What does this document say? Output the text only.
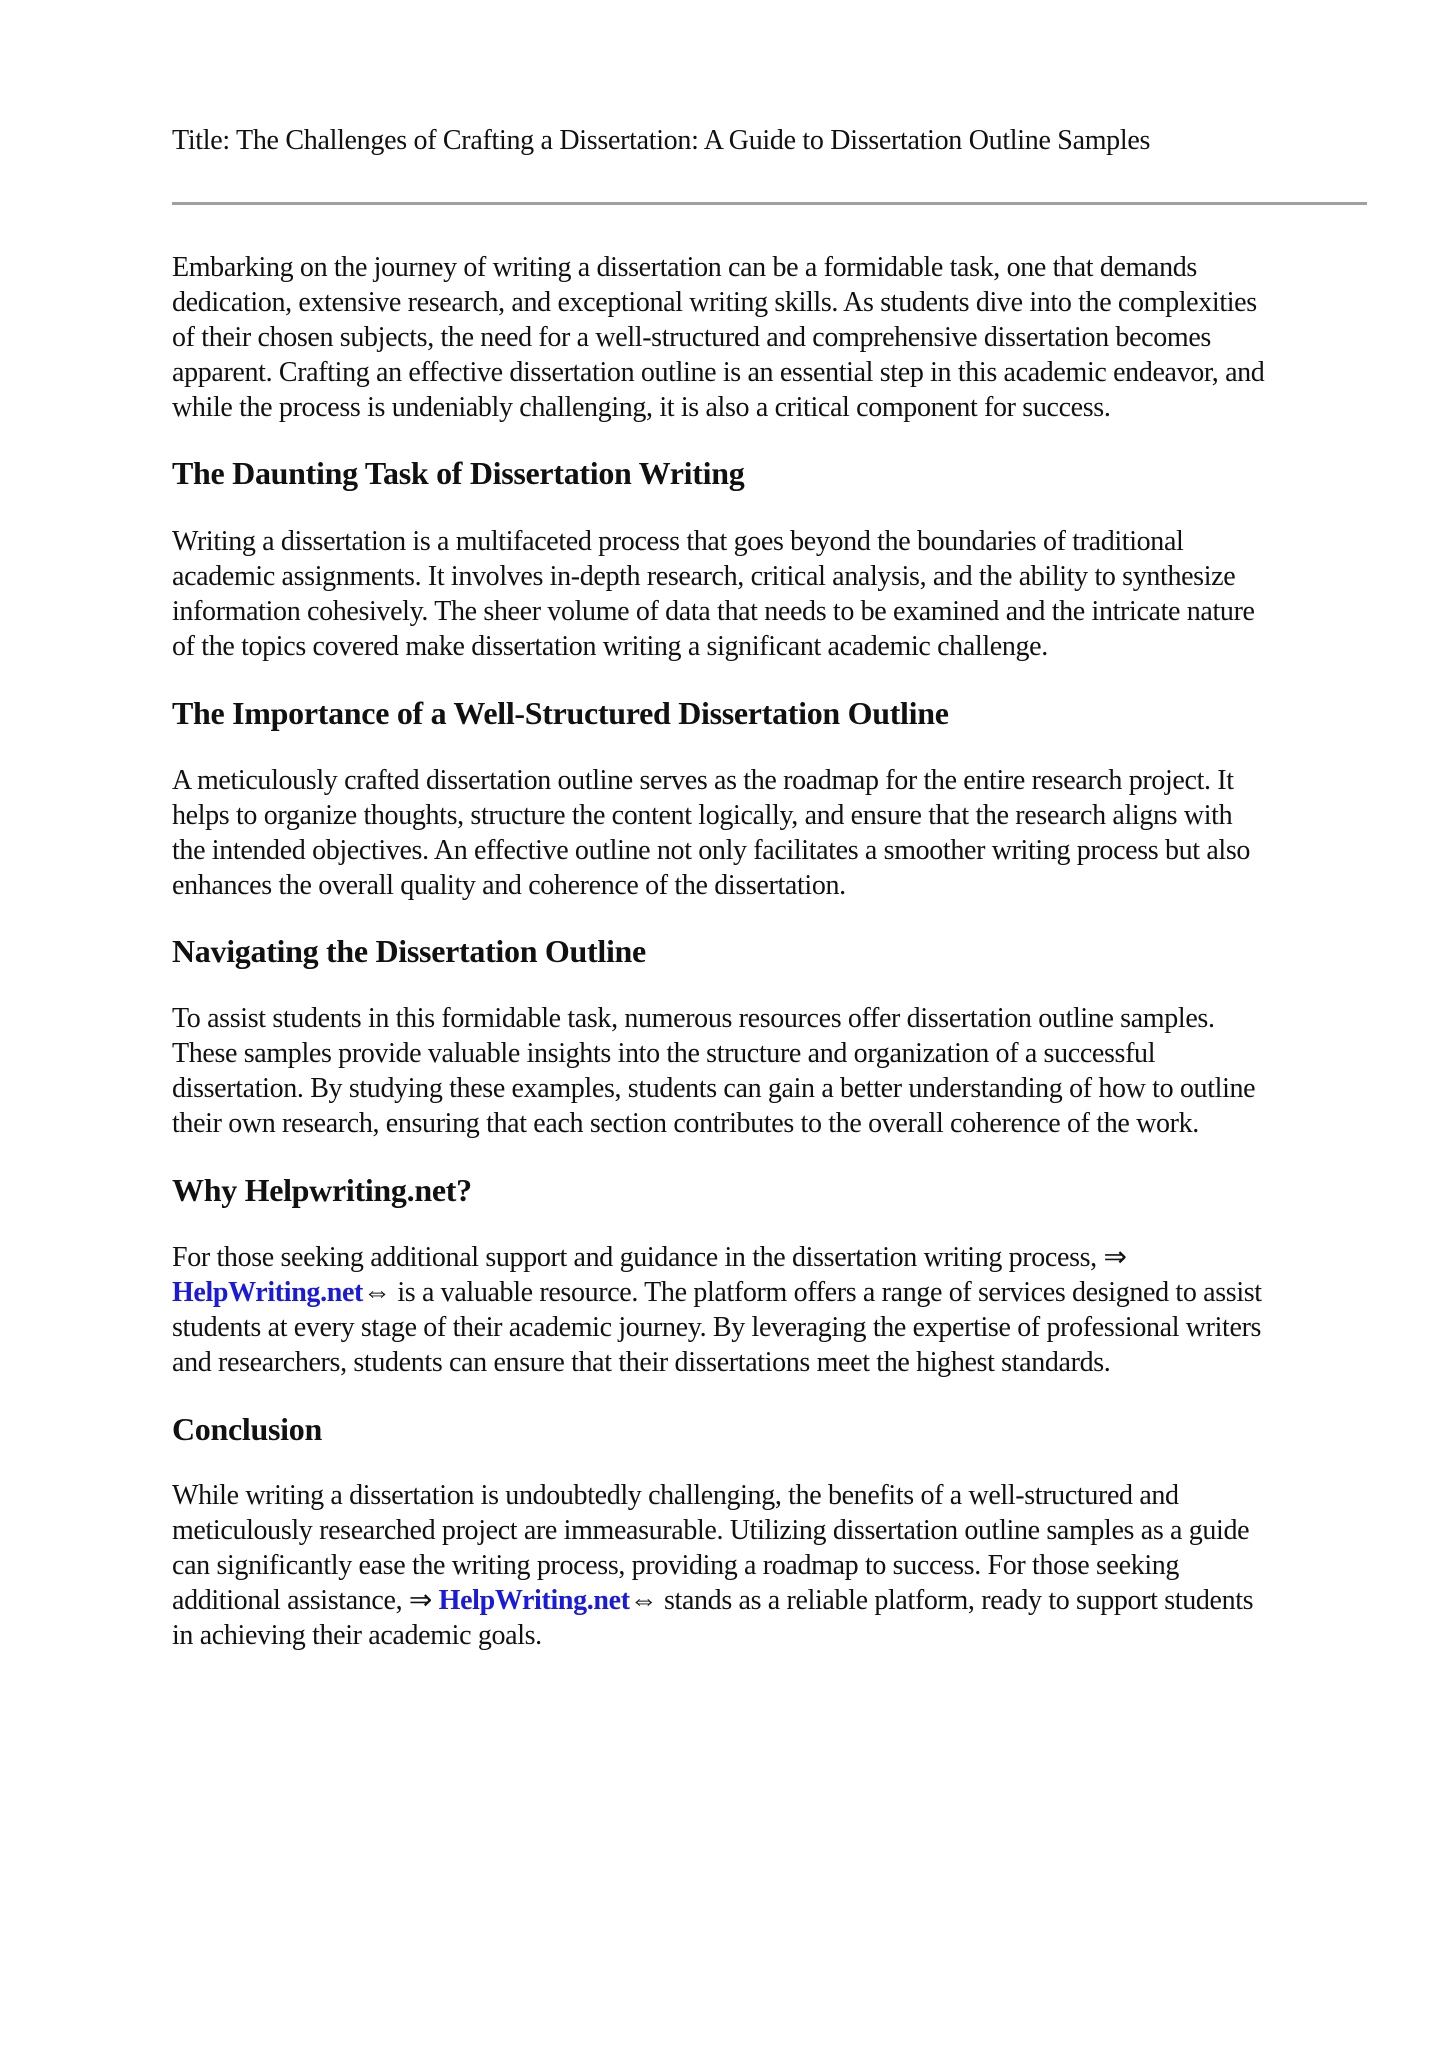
Title: The Challenges of Crafting a Dissertation: A Guide to Dissertation Outline Samples
Embarking on the journey of writing a dissertation can be a formidable task, one that demands
dedication, extensive research, and exceptional writing skills. As students dive into the complexities
of their chosen subjects, the need for a well-structured and comprehensive dissertation becomes
apparent. Crafting an effective dissertation outline is an essential step in this academic endeavor, and
while the process is undeniably challenging, it is also a critical component for success.
The Daunting Task of Dissertation Writing
Writing a dissertation is a multifaceted process that goes beyond the boundaries of traditional
academic assignments. It involves in-depth research, critical analysis, and the ability to synthesize
information cohesively. The sheer volume of data that needs to be examined and the intricate nature
of the topics covered make dissertation writing a significant academic challenge.
The Importance of a Well-Structured Dissertation Outline
A meticulously crafted dissertation outline serves as the roadmap for the entire research project. It
helps to organize thoughts, structure the content logically, and ensure that the research aligns with
the intended objectives. An effective outline not only facilitates a smoother writing process but also
enhances the overall quality and coherence of the dissertation.
Navigating the Dissertation Outline
To assist students in this formidable task, numerous resources offer dissertation outline samples.
These samples provide valuable insights into the structure and organization of a successful
dissertation. By studying these examples, students can gain a better understanding of how to outline
their own research, ensuring that each section contributes to the overall coherence of the work.
Why Helpwriting.net?
For those seeking additional support and guidance in the dissertation writing process, ⇒
HelpWriting.net⇔ is a valuable resource. The platform offers a range of services designed to assist
students at every stage of their academic journey. By leveraging the expertise of professional writers
and researchers, students can ensure that their dissertations meet the highest standards.
Conclusion
While writing a dissertation is undoubtedly challenging, the benefits of a well-structured and
meticulously researched project are immeasurable. Utilizing dissertation outline samples as a guide
can significantly ease the writing process, providing a roadmap to success. For those seeking
additional assistance, ⇒ HelpWriting.net⇔ stands as a reliable platform, ready to support students
in achieving their academic goals.
